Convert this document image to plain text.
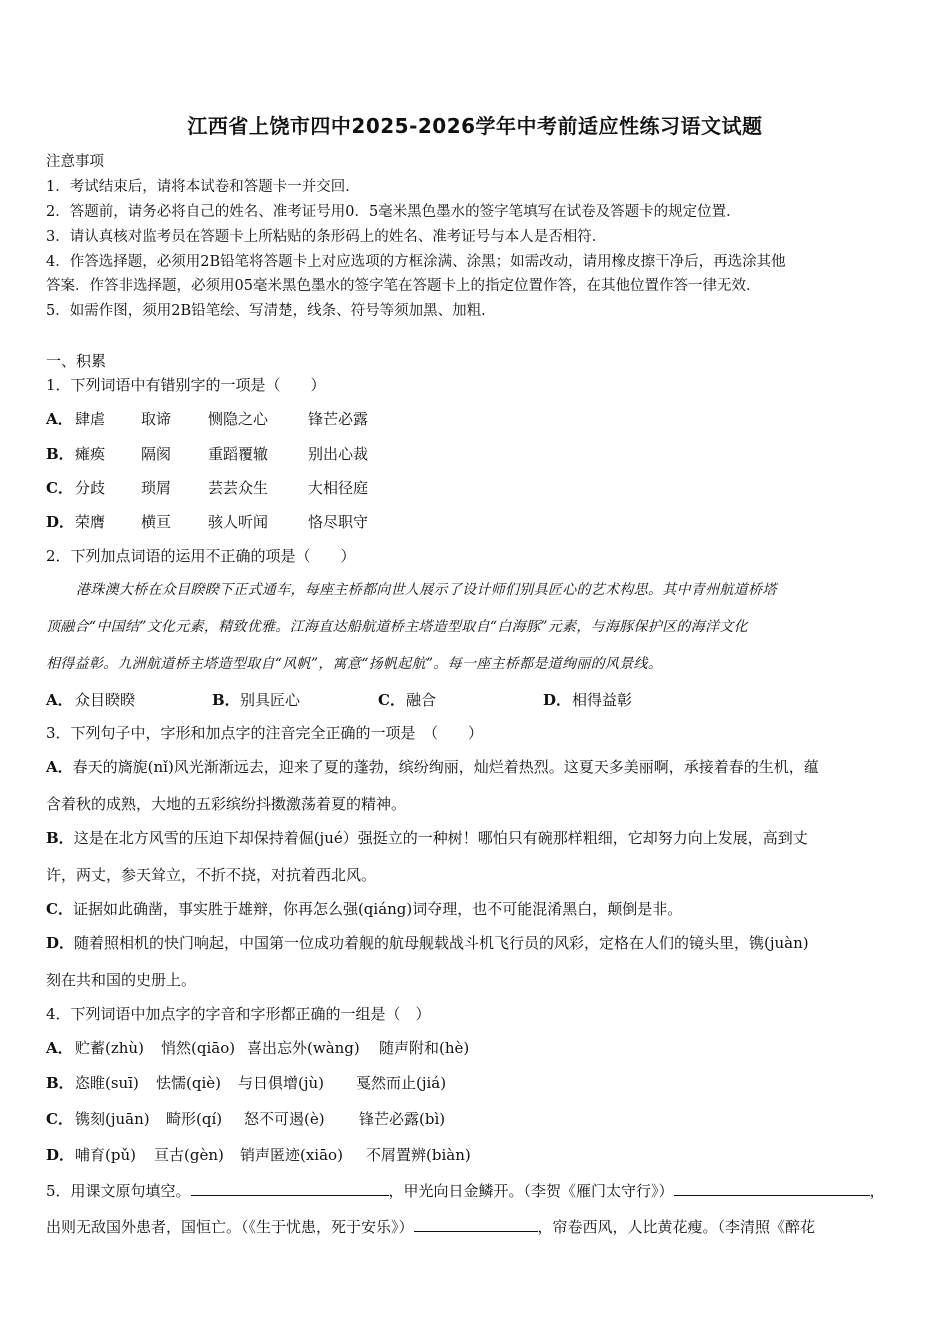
江西省上饶市四中2025-2026学年中考前适应性练习语文试题
注意事项
1．考试结束后，请将本试卷和答题卡一并交回．
2．答题前，请务必将自己的姓名、准考证号用0．5毫米黑色墨水的签字笔填写在试卷及答题卡的规定位置．
3．请认真核对监考员在答题卡上所粘贴的条形码上的姓名、准考证号与本人是否相符．
4．作答选择题，必须用2B铅笔将答题卡上对应选项的方框涂满、涂黑；如需改动，请用橡皮擦干净后，再选涂其他
答案．作答非选择题，必须用05毫米黑色墨水的签字笔在答题卡上的指定位置作答，在其他位置作答一律无效．
5．如需作图，须用2B铅笔绘、写清楚，线条、符号等须加黑、加粗．
一、积累
1．下列词语中有错别字的一项是（　　）
A． 肆虐 取谛 恻隐之心	锋芒必露
B． 瘫痪 隔阂 重蹈覆辙	别出心裁
C． 分歧 琐屑 芸芸众生	大相径庭
D． 荣膺 横亘 骇人听闻	恪尽职守
2．下列加点词语的运用不正确的项是（　　）
港珠澳大桥在众目睽睽下正式通车，每座主桥都向世人展示了设计师们别具匠心的艺术构思。其中青州航道桥塔
顶融合“中国结”文化元素，精致优雅。江海直达船航道桥主塔造型取自“白海豚”元素，与海豚保护区的海洋文化
相得益彰。九洲航道桥主塔造型取自“风帆”，寓意“扬帆起航”。每一座主桥都是道绚丽的风景线。
A． 众目睽睽	B． 别具匠心	C． 融合	D． 相得益彰
3．下列句子中，字形和加点字的注音完全正确的一项是　（　　）
A．春天的旖旎(nǐ)风光渐渐远去，迎来了夏的蓬勃，缤纷绚丽，灿烂着热烈。这夏天多美丽啊，承接着春的生机，蕴
含着秋的成熟，大地的五彩缤纷抖擞激荡着夏的精神。
B．这是在北方风雪的压迫下却保持着倔(jué）强挺立的一种树！哪怕只有碗那样粗细，它却努力向上发展，高到丈
许，两丈，参天耸立，不折不挠，对抗着西北风。
C．证据如此确凿，事实胜于雄辩，你再怎么强(qiáng)词夺理，也不可能混淆黑白，颠倒是非。
D．随着照相机的快门响起，中国第一位成功着舰的航母舰载战斗机飞行员的风彩，定格在人们的镜头里，镌(juàn)
刻在共和国的史册上。
4．下列词语中加点字的字音和字形都正确的一组是（　）
A． 贮蓄(zhù) 悄然(qiāo) 喜出忘外(wàng) 随声附和(hè)
B． 恣睢(suī) 怯懦(qiè) 与日俱增(jù) 戛然而止(jiá)
C． 镌刻(juān) 畸形(qí) 怒不可遏(è) 锋芒必露(bì)
D． 哺育(pǔ) 亘古(gèn) 销声匿迹(xiāo) 不屑置辨(biàn)
5．用课文原句填空。	，甲光向日金鳞开。（李贺《雁门太守行》）	，
出则无敌国外患者，国恒亡。（《生于忧患，死于安乐》）	，帘卷西风，人比黄花瘦。（李清照《醉花
